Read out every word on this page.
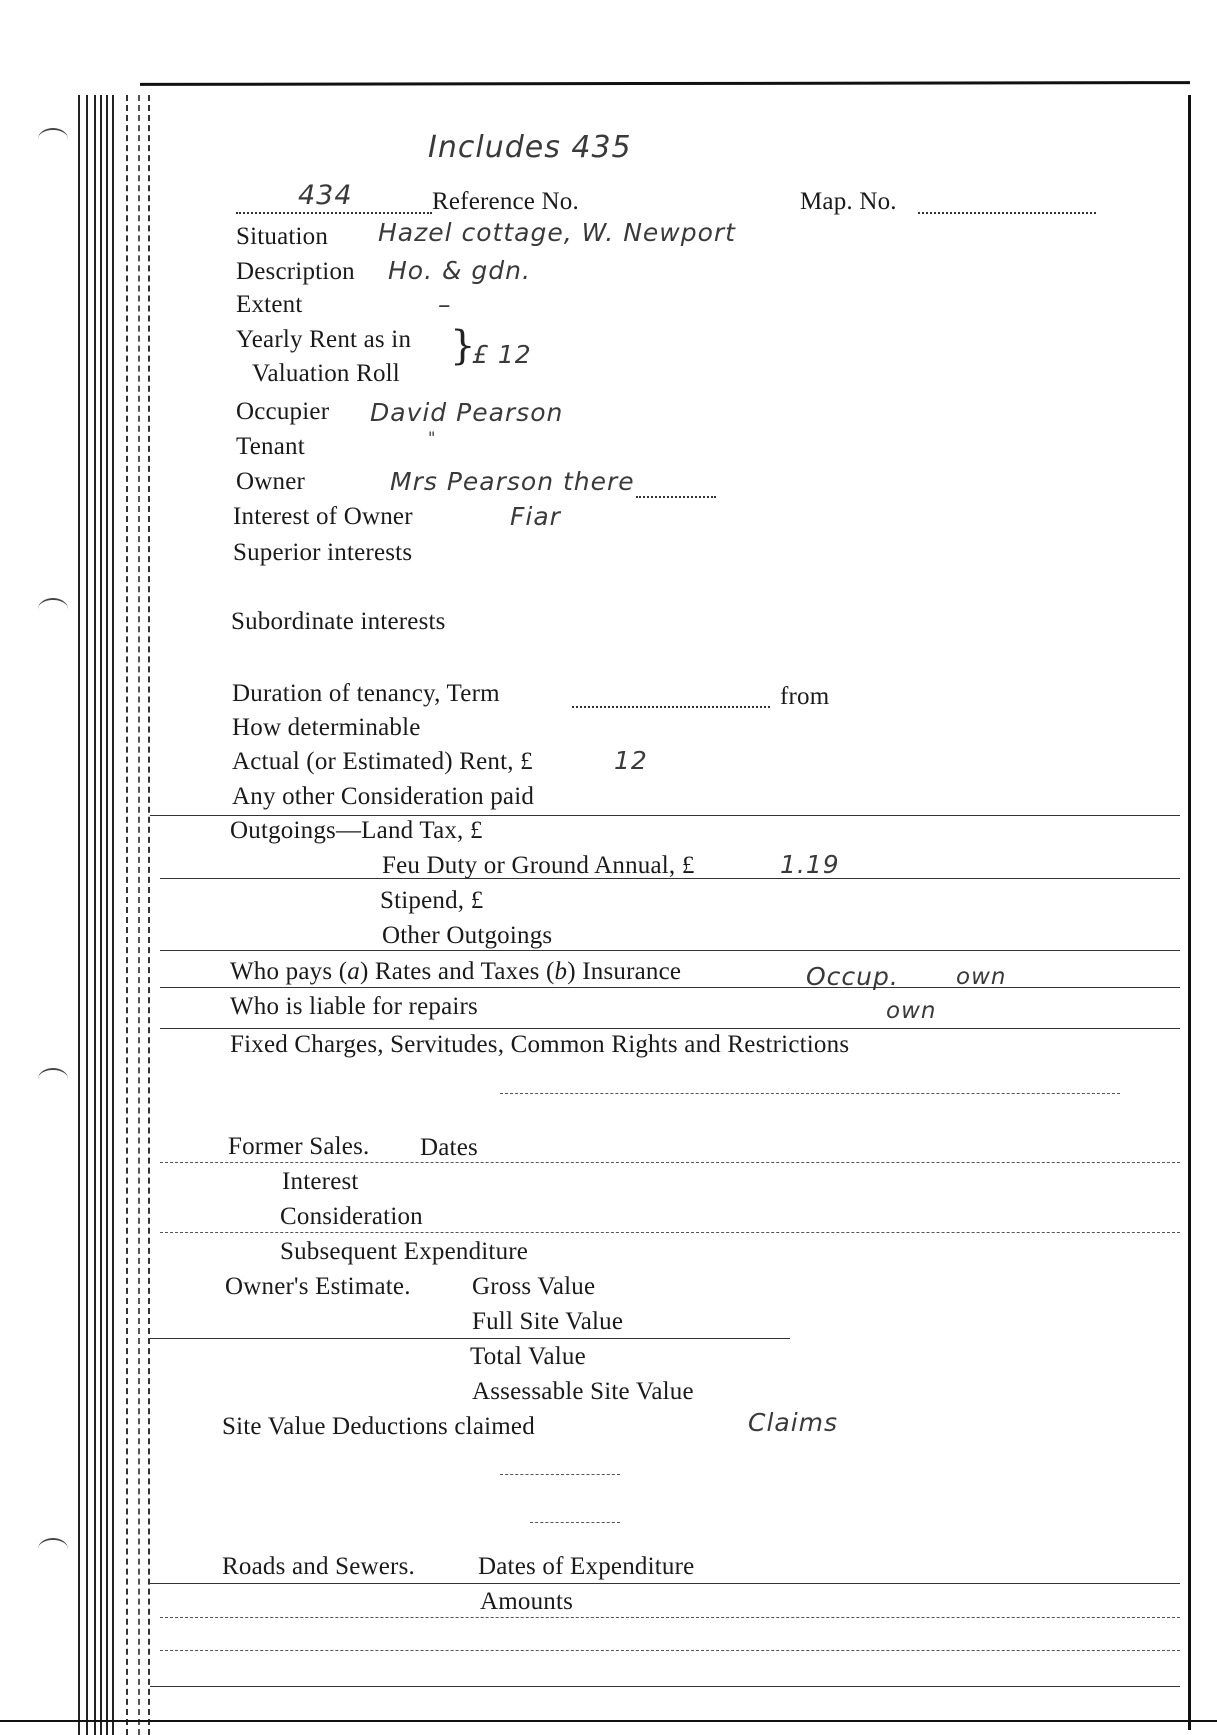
Includes 435
434	Reference No.	Map. No.
Situation Hazel cottage, W. Newport
Description Ho. & gdn.
Extent	–
Yearly Rent as in
Valuation Roll
}
£ 12
Occupier David Pearson
Tenant	"
Owner	Mrs Pearson there
Interest of Owner	Fiar
Superior interests
Subordinate interests
Duration of tenancy, Term	from
How determinable
Actual (or Estimated) Rent, £	12
Any other Consideration paid
Outgoings—Land Tax, £
Feu Duty or Ground Annual, £	1.19
Stipend, £
Other Outgoings
Who pays (a) Rates and Taxes (b) Insurance	Occup. own
Who is liable for repairs	own
Fixed Charges, Servitudes, Common Rights and Restrictions
Former Sales. Dates
Interest
Consideration
Subsequent Expenditure
Owner's Estimate. Gross Value
Full Site Value
Total Value
Assessable Site Value
Site Value Deductions claimed	Claims
Roads and Sewers.	Dates of Expenditure
Amounts
